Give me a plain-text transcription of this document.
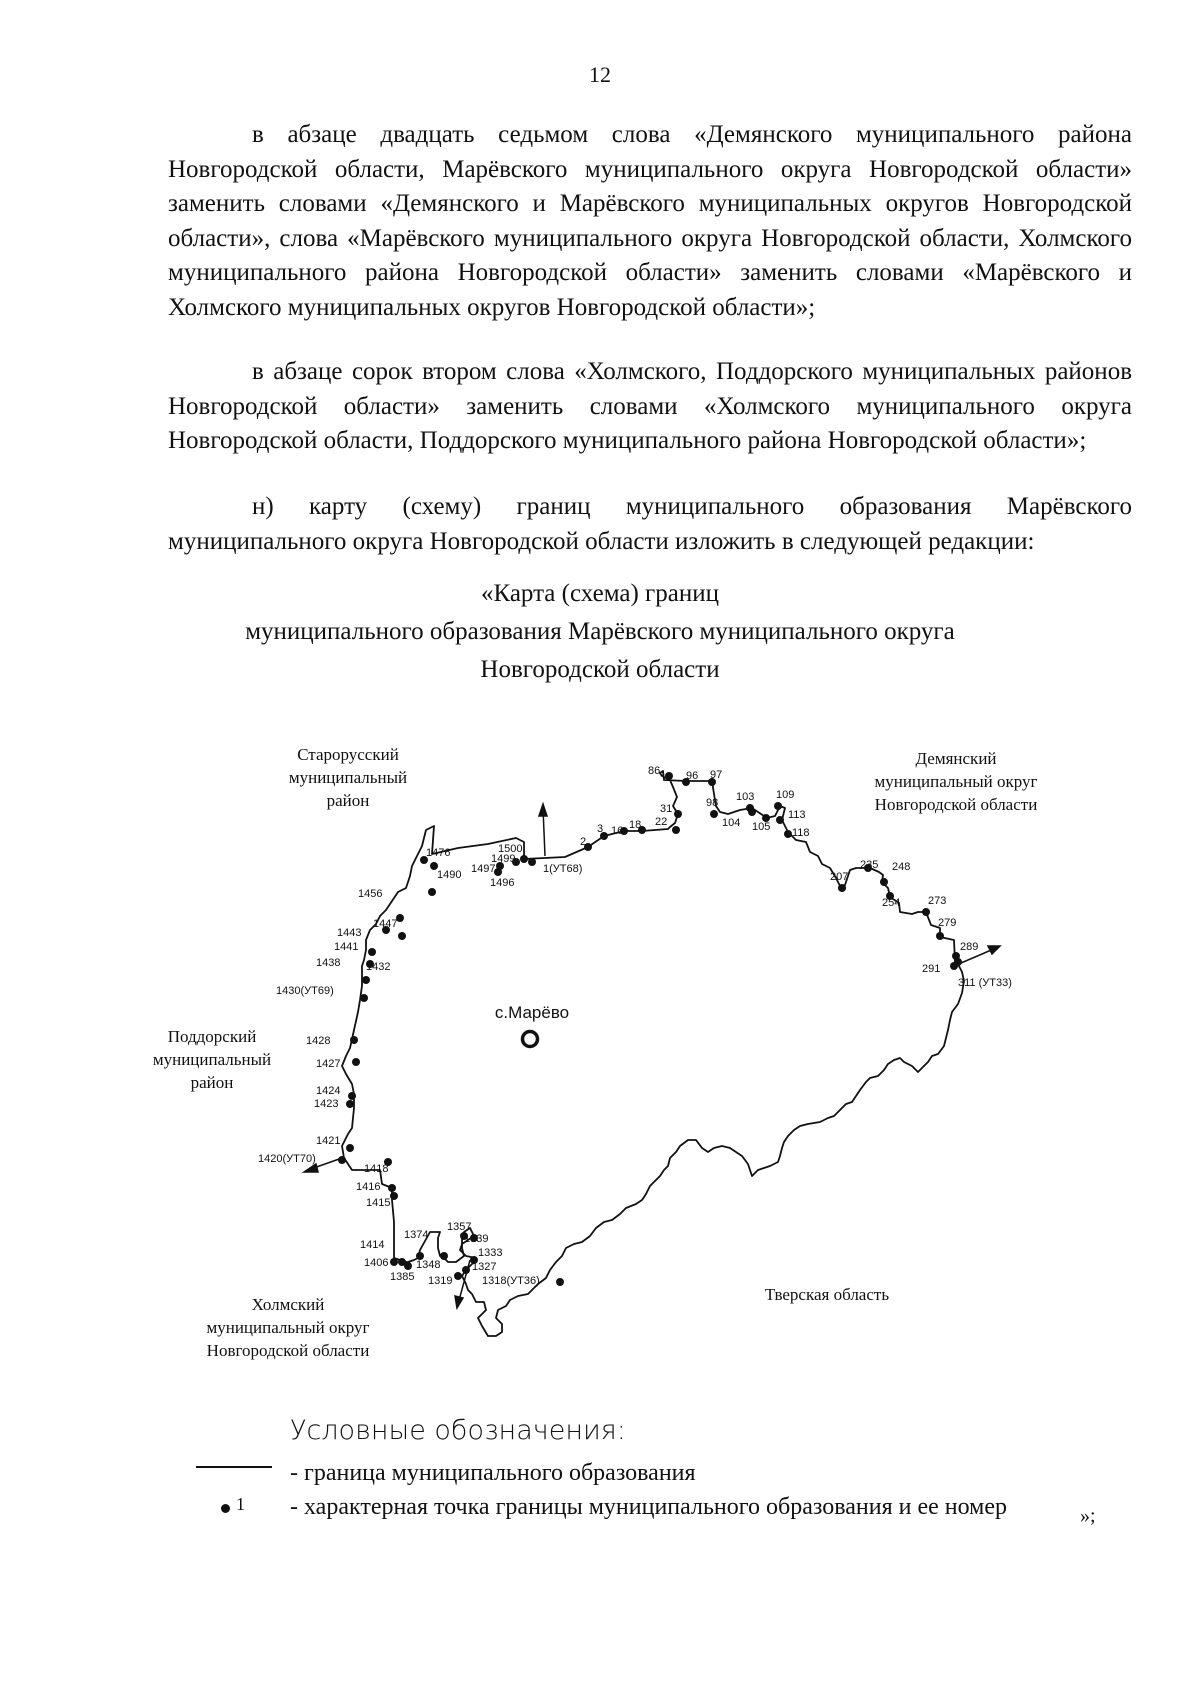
12

в абзаце двадцать седьмом слова «Демянского муниципального района Новгородской области, Марёвского муниципального округа Новгородской области» заменить словами «Демянского и Марёвского муниципальных округов Новгородской области», слова «Марёвского муниципального округа Новгородской области, Холмского муниципального района Новгородской области» заменить словами «Марёвского и Холмского муниципальных округов Новгородской области»;

в абзаце сорок втором слова «Холмского, Поддорского муниципальных районов Новгородской области» заменить словами «Холмского муниципального округа Новгородской области, Поддорского муниципального района Новгородской области»;

н) карту (схему) границ муниципального образования Марёвского муниципального округа Новгородской области изложить в следующей редакции:

«Карта (схема) границ
муниципального образования Марёвского муниципального округа
Новгородской области
Старорусский
муниципальный
район
Демянский
муниципальный округ
Новгородской области
Поддорский
муниципальный
район
Холмский
муниципальный округ
Новгородской области
Тверская область
с.Марёво
86 96 97
31
22
3 16 18
2
1500
1499
1497	1(УТ68)
1496
1476
1490
1456
1447
1443
1441
1438 1432
1430(УТ69)
1428
1427
1424
1423
1421
1420(УТ70)
1418
1416
1415
1414
1406
1385
1374
1348
1357
1339
1333
1327
1319	1318(УТ36)
98 103 109
104 105
113
118
207
235 248
254	273
279
289
291
311 (УТ33)
Условные обозначения:
- граница муниципального образования
1 - характерная точка границы муниципального образования и ее номер	»;
